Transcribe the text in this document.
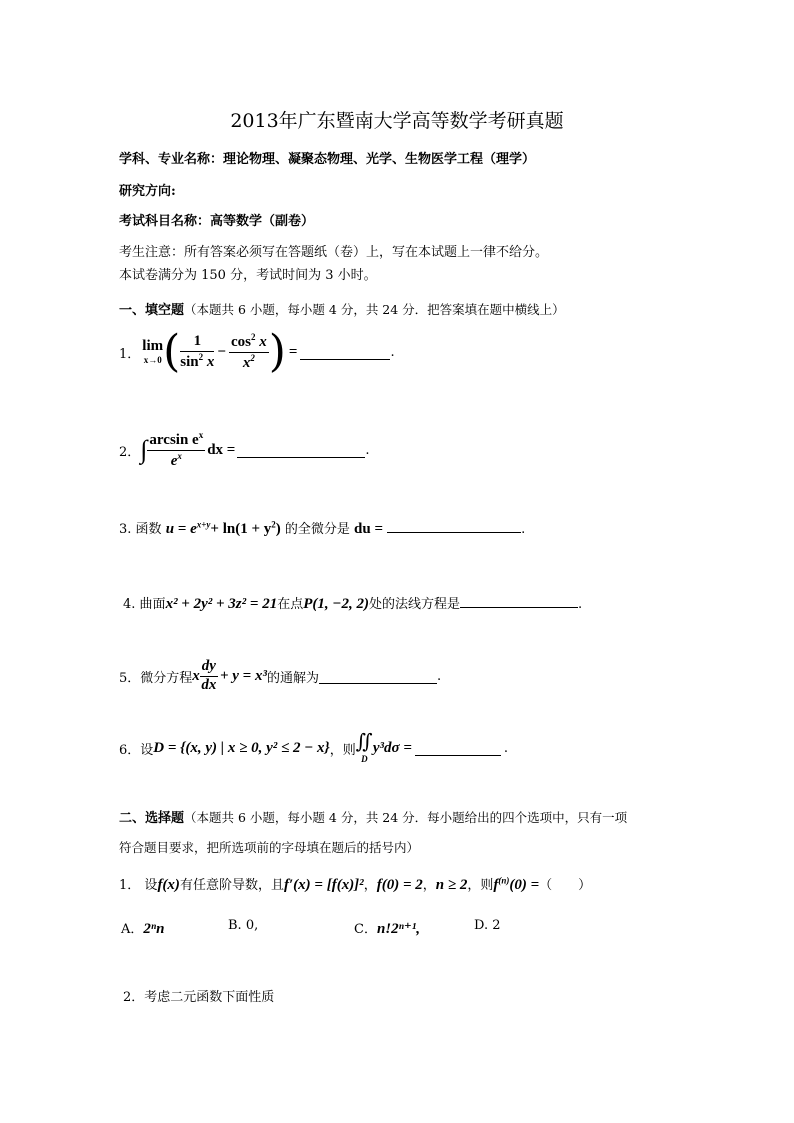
2013年广东暨南大学高等数学考研真题
学科、专业名称：理论物理、凝聚态物理、光学、生物医学工程（理学）
研究方向:
考试科目名称：高等数学（副卷）
考生注意：所有答案必须写在答题纸（卷）上，写在本试题上一律不给分。
本试卷满分为 150 分，考试时间为 3 小时。
一、填空题（本题共 6 小题，每小题 4 分，共 24 分．把答案填在题中横线上）
1． lim
x→0 ( $\frac{1}{\sin^2 x} - \frac{\cos^2 x}{x^2}$ ) =	.
2． ∫ $\frac{\arcsin e^x}{e^x}$ dx =	.
3. 函数 $u = e^{x+y}+ \ln(1 + y^2)$ 的全微分是 du =	.
4. 曲面x² + 2y² + 3z² = 21在点P(1, −2, 2)处的法线方程是	.
5． 微分方程 x $\frac{dy}{dx} + y = x^3$ 的通解为	.
6． 设 D = {(x, y) | x ≥ 0, y² ≤ 2 − x} ，则 ∬
D
y³dσ =	.
二、选择题（本题共 6 小题，每小题 4 分，共 24 分．每小题给出的四个选项中，只有一项
符合题目要求，把所选项前的字母填在题后的括号内）
1． 设f(x)有任意阶导数，且f′(x) = [f(x)]²，f(0) = 2，n ≥ 2，则$f^{(n)}(0)$ =（　　）
A．2ⁿn	B. 0,	C．n!2ⁿ⁺¹,	D. 2
2．考虑二元函数下面性质
